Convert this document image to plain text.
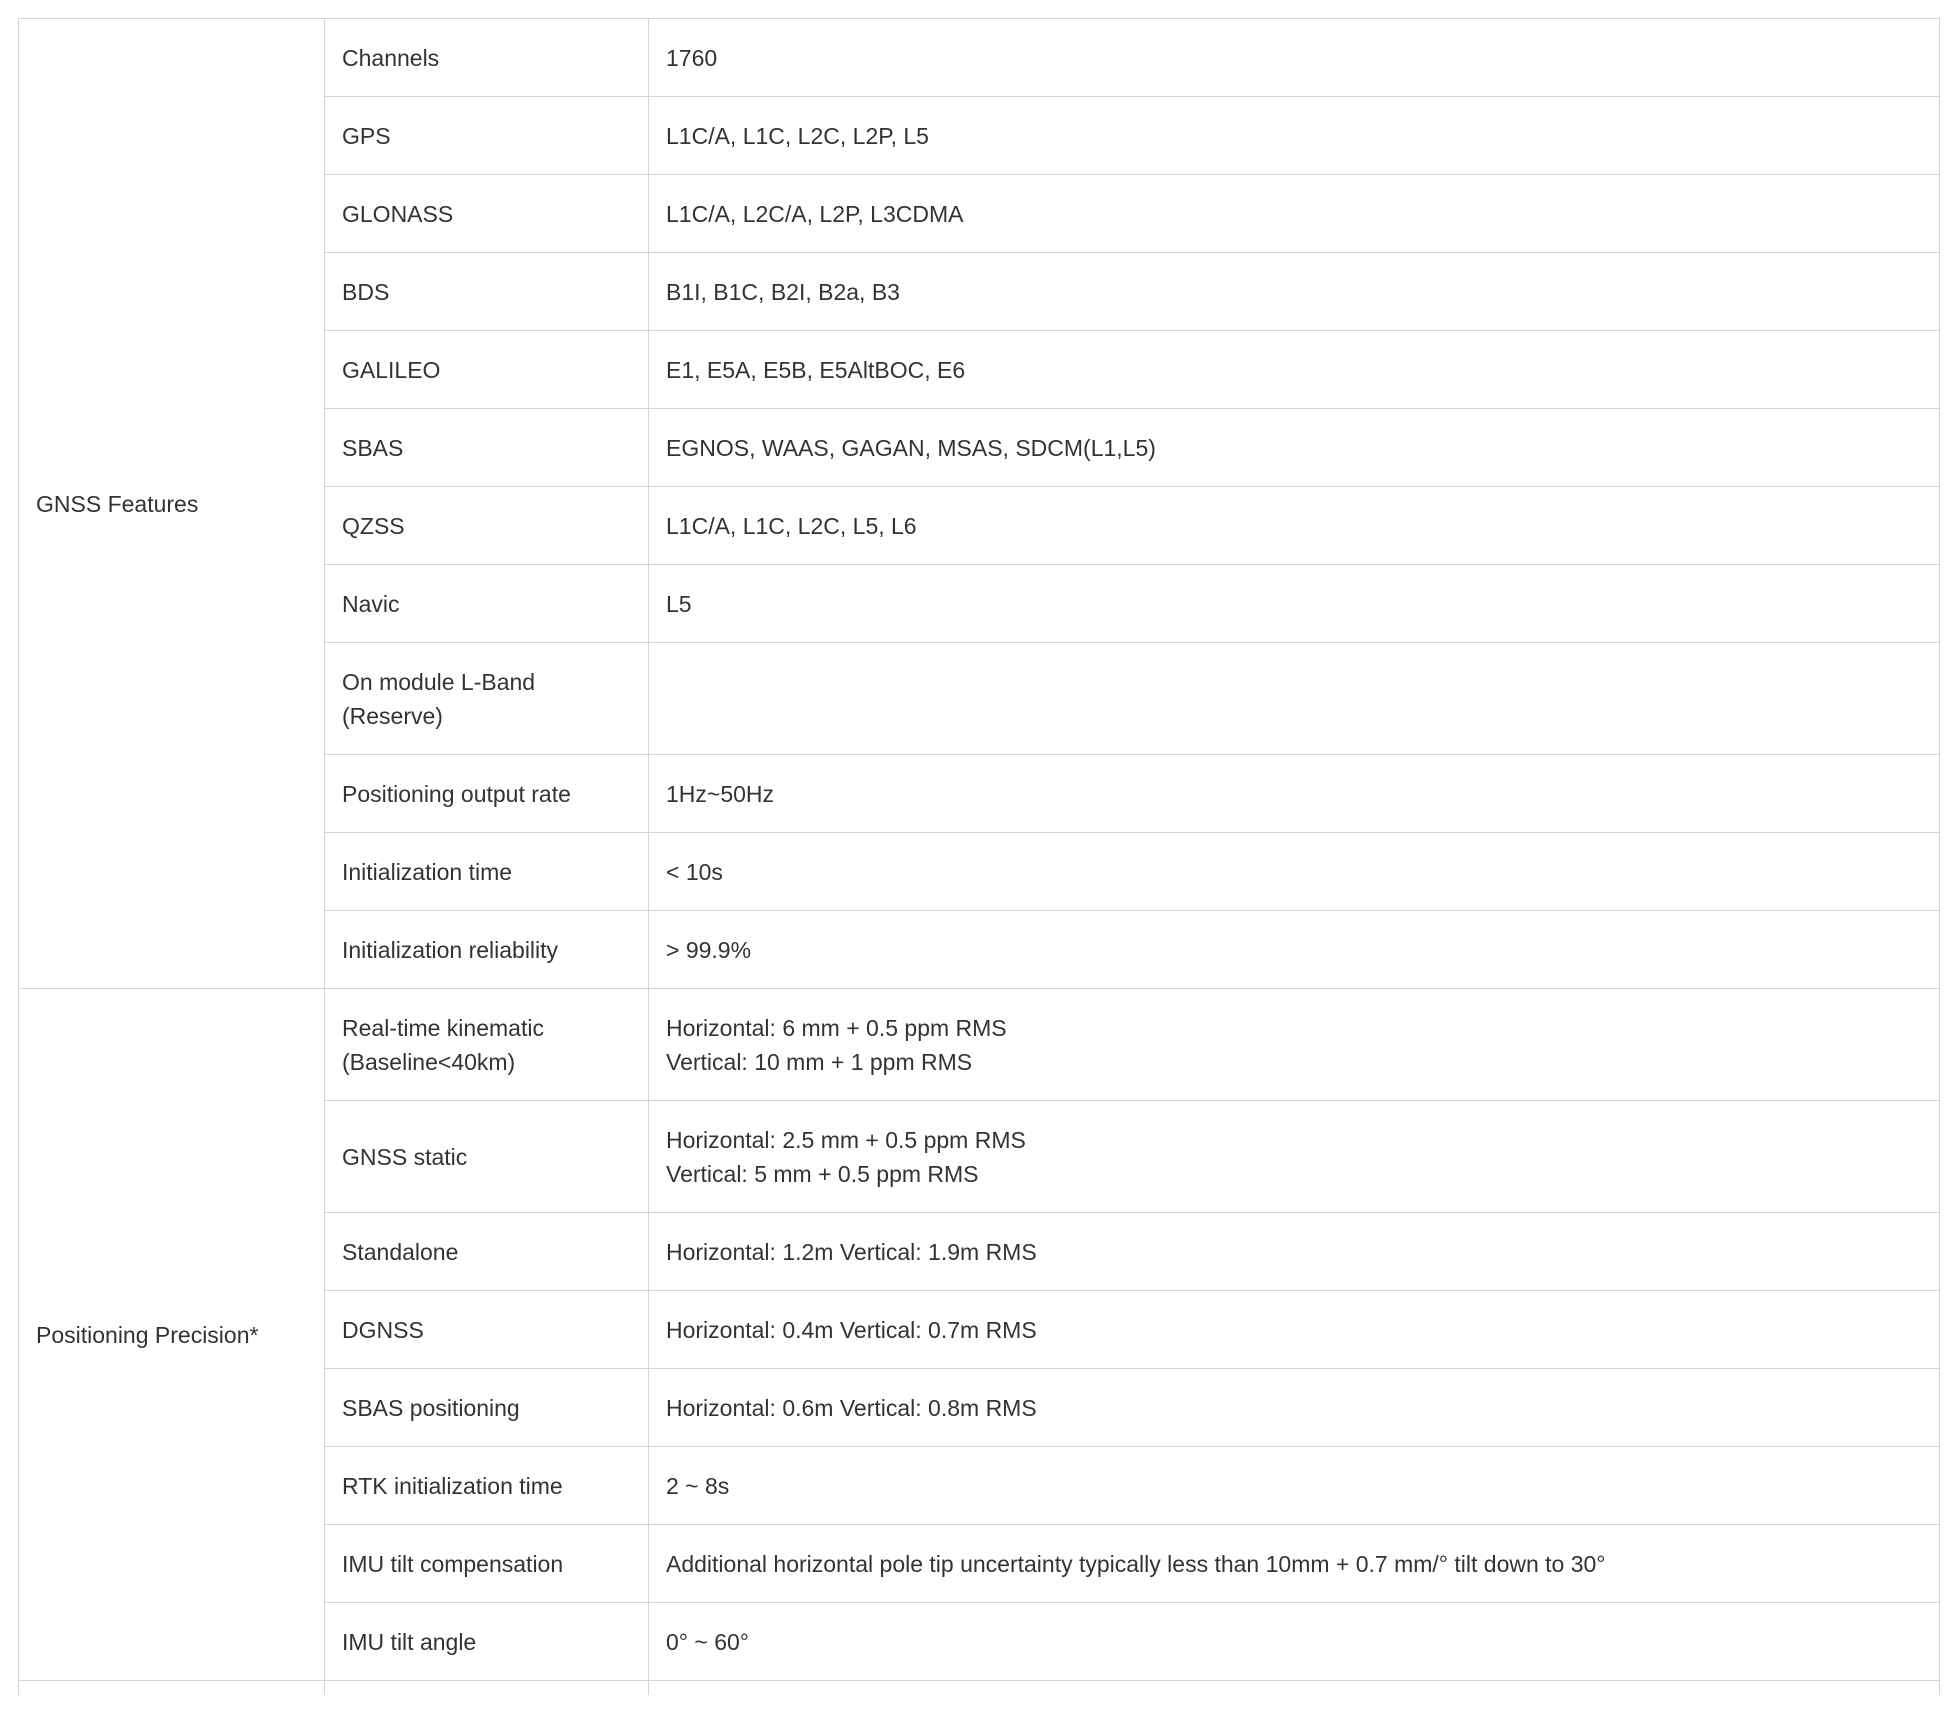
GNSS Features	Channels	1760
	GPS	L1C/A, L1C, L2C, L2P, L5
	GLONASS	L1C/A, L2C/A, L2P, L3CDMA
	BDS	B1I, B1C, B2I, B2a, B3
	GALILEO	E1, E5A, E5B, E5AltBOC, E6
	SBAS	EGNOS, WAAS, GAGAN, MSAS, SDCM(L1,L5)
	QZSS	L1C/A, L1C, L2C, L5, L6
	Navic	L5
	On module L-Band (Reserve)	
	Positioning output rate	1Hz~50Hz
	Initialization time	< 10s
	Initialization reliability	> 99.9%
Positioning Precision*	Real-time kinematic (Baseline<40km)	Horizontal: 6 mm + 0.5 ppm RMS
Vertical: 10 mm + 1 ppm RMS
	GNSS static	Horizontal: 2.5 mm + 0.5 ppm RMS
Vertical: 5 mm + 0.5 ppm RMS
	Standalone	Horizontal: 1.2m Vertical: 1.9m RMS
	DGNSS	Horizontal: 0.4m Vertical: 0.7m RMS
	SBAS positioning	Horizontal: 0.6m Vertical: 0.8m RMS
	RTK initialization time	2 ~ 8s
	IMU tilt compensation	Additional horizontal pole tip uncertainty typically less than 10mm + 0.7 mm/° tilt down to 30°
	IMU tilt angle	0° ~ 60°
